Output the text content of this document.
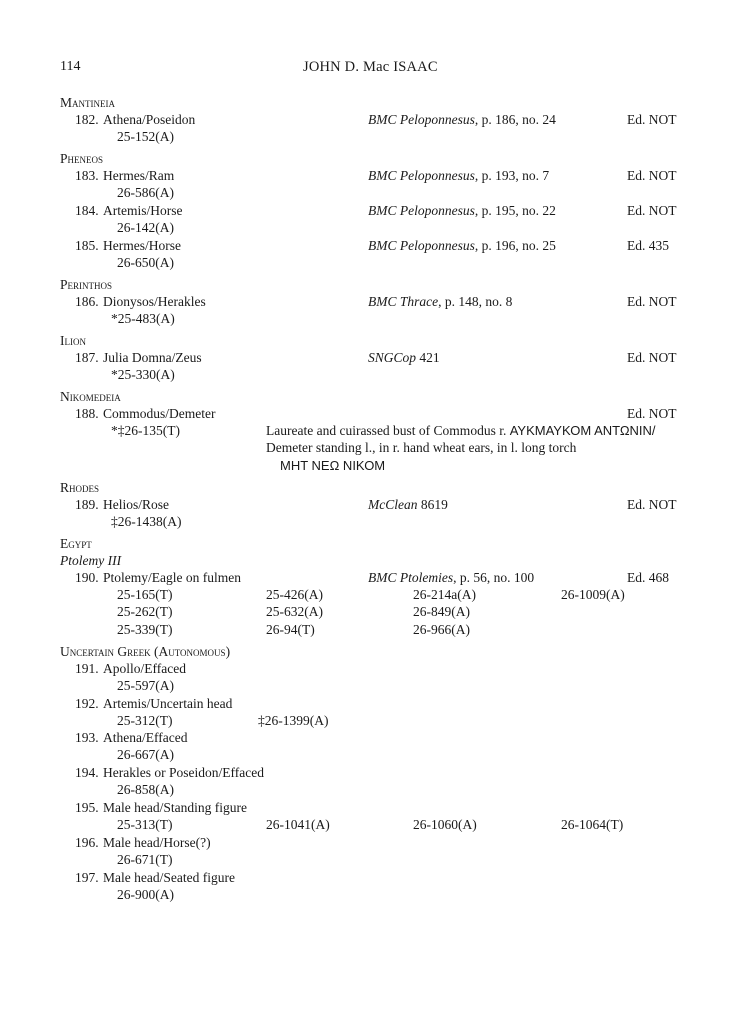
114	JOHN D. Mac ISAAC
Mantineia
182. Athena/Poseidon	BMC Peloponnesus, p. 186, no. 24	Ed. NOT
25-152(A)
Pheneos
183. Hermes/Ram	BMC Peloponnesus, p. 193, no. 7	Ed. NOT
26-586(A)
184. Artemis/Horse	BMC Peloponnesus, p. 195, no. 22	Ed. NOT
26-142(A)
185. Hermes/Horse	BMC Peloponnesus, p. 196, no. 25	Ed. 435
26-650(A)
Perinthos
186. Dionysos/Herakles	BMC Thrace, p. 148, no. 8	Ed. NOT
*25-483(A)
Ilion
187. Julia Domna/Zeus	SNGCop 421	Ed. NOT
*25-330(A)
Nikomedeia
188. Commodus/Demeter	Ed. NOT
*‡26-135(T)	Laureate and cuirassed bust of Commodus r. ΑΥΚΜΑΥΚΟΜ ΑΝΤΩΝΙΝ/
Demeter standing l., in r. hand wheat ears, in l. long torch
ΜΗΤ ΝΕΩ ΝΙΚΟΜ
Rhodes
189. Helios/Rose	McClean 8619	Ed. NOT
‡26-1438(A)
Egypt
Ptolemy III
190. Ptolemy/Eagle on fulmen	BMC Ptolemies, p. 56, no. 100	Ed. 468
25-165(T)	25-426(A)	26-214a(A)	26-1009(A)
25-262(T)	25-632(A)	26-849(A)
25-339(T)	26-94(T)	26-966(A)
Uncertain Greek (Autonomous)
191. Apollo/Effaced
25-597(A)
192. Artemis/Uncertain head
25-312(T)	‡26-1399(A)
193. Athena/Effaced
26-667(A)
194. Herakles or Poseidon/Effaced
26-858(A)
195. Male head/Standing figure
25-313(T)	26-1041(A)	26-1060(A)	26-1064(T)
196. Male head/Horse(?)
26-671(T)
197. Male head/Seated figure
26-900(A)
